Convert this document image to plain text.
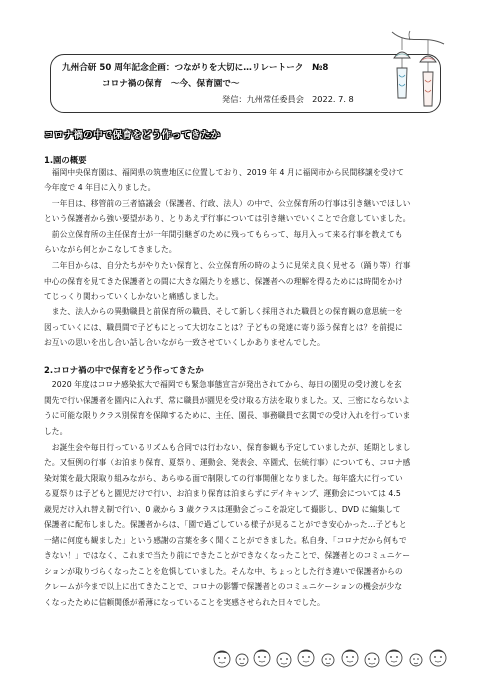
九州合研 50 周年記念企画：つながりを大切に…リレートーク　№8
コロナ禍の保育　～今、保育園で～
発信：九州常任委員会　2022. 7. 8
コロナ禍の中で保育をどう作ってきたか
1.園の概要
　福岡中央保育園は、福岡県の筑豊地区に位置しており、2019 年 4 月に福岡市から民間移譲を受けて
今年度で 4 年目に入りました。
　一年目は、移管前の三者協議会（保護者、行政、法人）の中で、公立保育所の行事は引き継いでほしい
という保護者から強い要望があり、とりあえず行事については引き継いでいくことで合意していました。
　前公立保育所の主任保育士が一年間引継ぎのために残ってもらって、毎月入って来る行事を教えても
らいながら何とかこなしてきました。
　二年目からは、自分たちがやりたい保育と、公立保育所の時のように見栄え良く見せる（踊り等）行事
中心の保育を見てきた保護者との間に大きな隔たりを感じ、保護者への理解を得るためには時間をかけ
てじっくり関わっていくしかないと痛感しました。
　また、法人からの異動職員と前保育所の職員、そして新しく採用された職員との保育観の意思統一を
図っていくには、職員間で子どもにとって大切なことは？子どもの発達に寄り添う保育とは？を前提に
お互いの思いを出し合い話し合いながら一致させていくしかありませんでした。
2.コロナ禍の中で保育をどう作ってきたか
　2020 年度はコロナ感染拡大で福岡でも緊急事態宣言が発出されてから、毎日の園児の受け渡しを玄
関先で行い保護者を園内に入れず、常に職員が園児を受け取る方法を取りました。又、三密にならないよ
うに可能な限りクラス別保育を保障するために、主任、園長、事務職員で玄関での受け入れを行っていま
した。
　お誕生会や毎日行っているリズムも合同では行わない、保育参観も予定していましたが、延期としまし
た。又恒例の行事（お泊まり保育、夏祭り、運動会、発表会、卒園式、伝統行事）についても、コロナ感
染対策を最大限取り組みながら、あらゆる面で制限しての行事開催となりました。毎年盛大に行ってい
る夏祭りは子どもと園児だけで行い、お泊まり保育は泊まらずにデイキャンプ、運動会については 4.5
歳児だけ入れ替え制で行い、0 歳から 3 歳クラスは運動会ごっこを設定して撮影し、DVD に編集して
保護者に配布しました。保護者からは、「園で過ごしている様子が見ることができ安心かった…子どもと
一緒に何度も観ました」という感謝の言葉を多く聞くことができました。私自身、「コロナだから何もで
きない！」ではなく、これまで当たり前にできたことができなくなったことで、保護者とのコミュニケー
ションが取りづらくなったことを危惧していました。そんな中、ちょっとした行き違いで保護者からの
クレームが今まで以上に出てきたことで、コロナの影響で保護者とのコミュニケーションの機会が少な
くなったために信頼関係が希薄になっていることを実感させられた日々でした。
